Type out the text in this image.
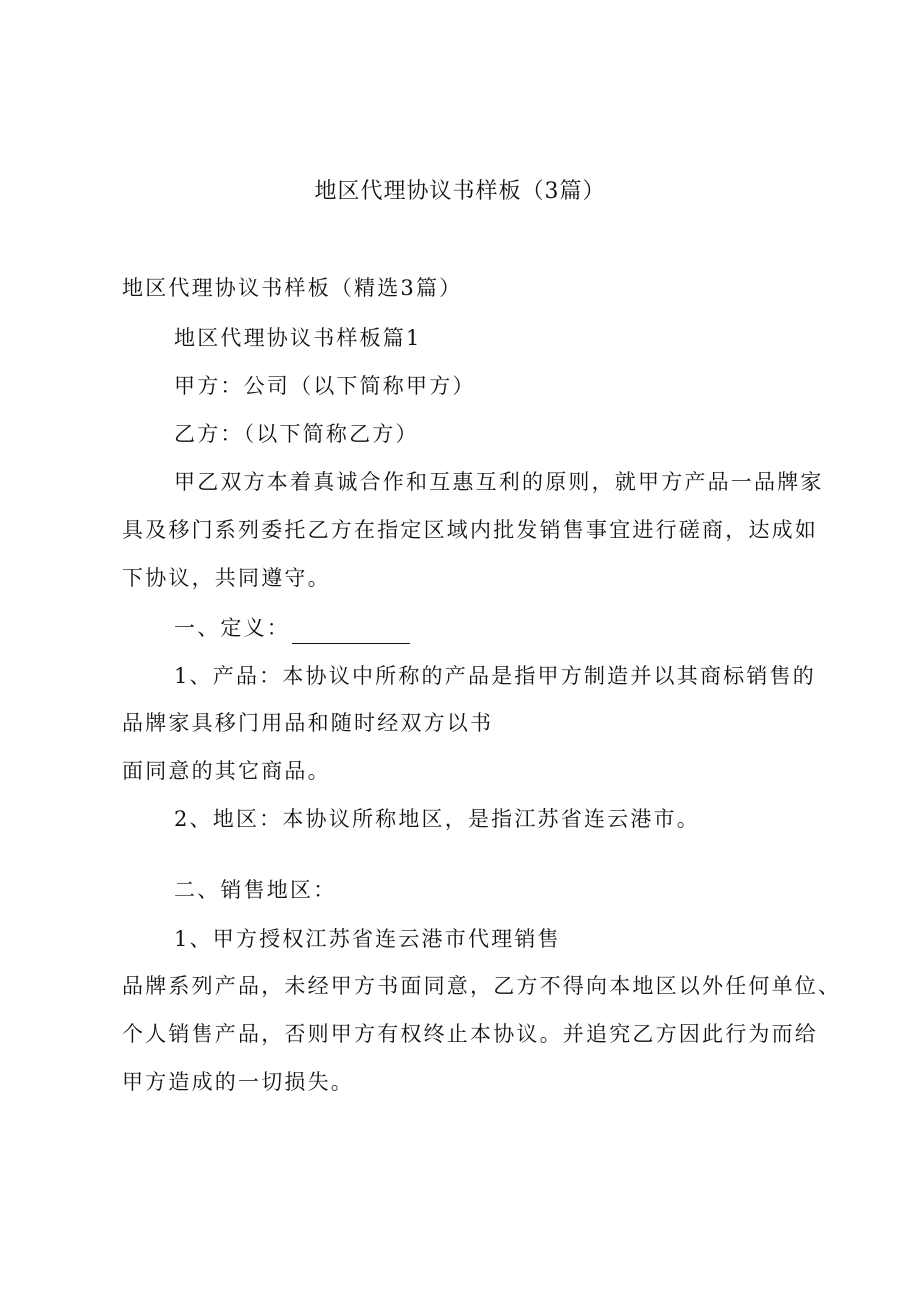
地区代理协议书样板（3篇）
地区代理协议书样板（精选3篇）
地区代理协议书样板篇1
甲方：公司（以下简称甲方）
乙方：（以下简称乙方）
甲乙双方本着真诚合作和互惠互利的原则，就甲方产品一品牌家
具及移门系列委托乙方在指定区域内批发销售事宜进行磋商，达成如
下协议，共同遵守。
一、定义：
1、产品：本协议中所称的产品是指甲方制造并以其商标销售的
品牌家具移门用品和随时经双方以书
面同意的其它商品。
2、地区：本协议所称地区，是指江苏省连云港市。
二、销售地区：
1、甲方授权江苏省连云港市代理销售
品牌系列产品，未经甲方书面同意，乙方不得向本地区以外任何单位、
个人销售产品，否则甲方有权终止本协议。并追究乙方因此行为而给
甲方造成的一切损失。
